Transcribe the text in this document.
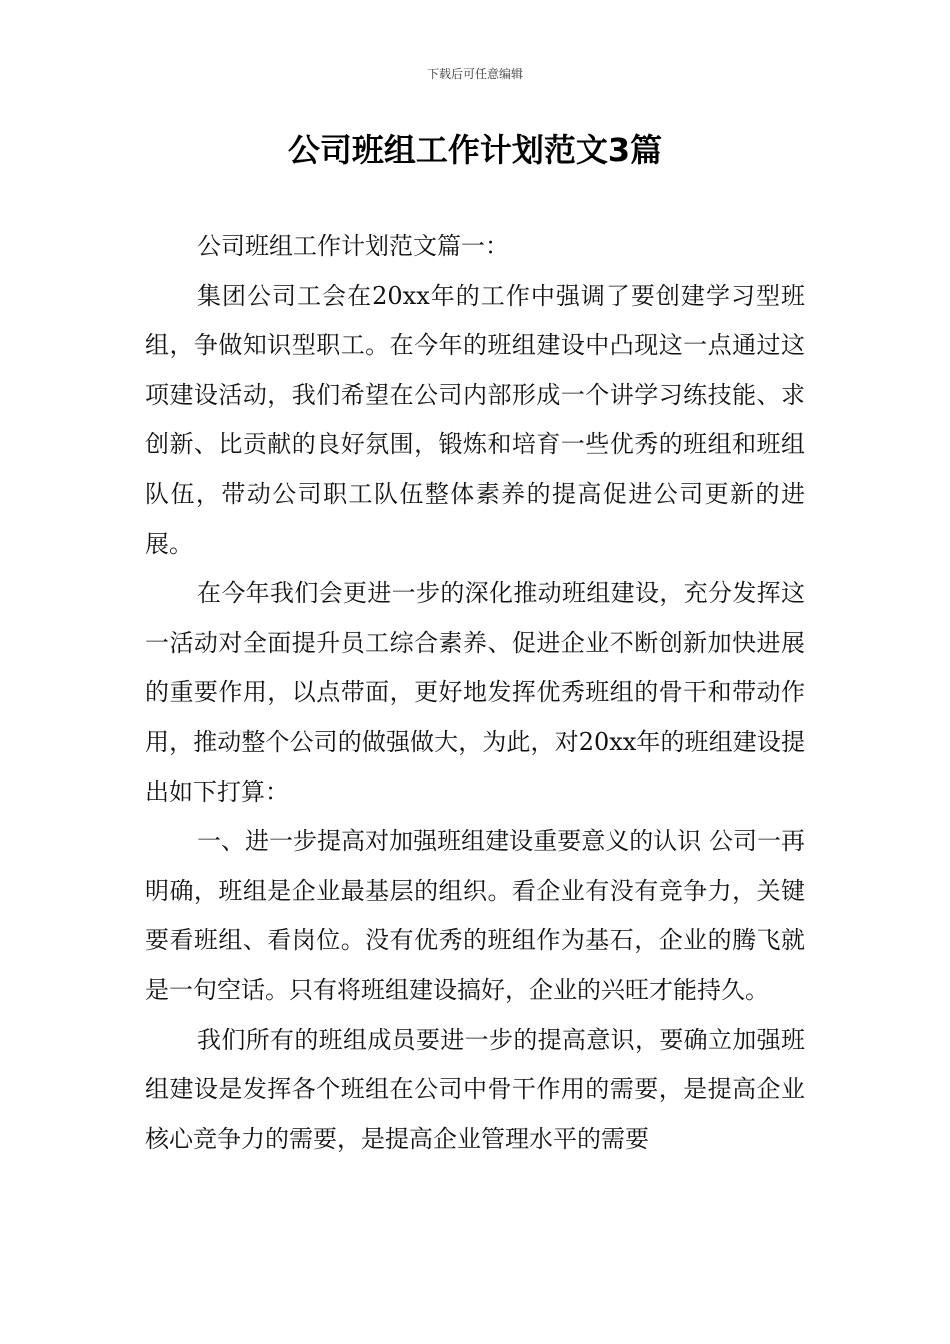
下载后可任意编辑
公司班组工作计划范文3篇

公司班组工作计划范文篇一：

集团公司工会在20xx年的工作中强调了要创建学习型班组，争做知识型职工。在今年的班组建设中凸现这一点通过这项建设活动，我们希望在公司内部形成一个讲学习练技能、求创新、比贡献的良好氛围，锻炼和培育一些优秀的班组和班组队伍，带动公司职工队伍整体素养的提高促进公司更新的进展。

在今年我们会更进一步的深化推动班组建设，充分发挥这一活动对全面提升员工综合素养、促进企业不断创新加快进展的重要作用，以点带面，更好地发挥优秀班组的骨干和带动作用，推动整个公司的做强做大，为此，对20xx年的班组建设提出如下打算：

一、进一步提高对加强班组建设重要意义的认识 公司一再明确，班组是企业最基层的组织。看企业有没有竞争力，关键要看班组、看岗位。没有优秀的班组作为基石，企业的腾飞就是一句空话。只有将班组建设搞好，企业的兴旺才能持久。

我们所有的班组成员要进一步的提高意识，要确立加强班组建设是发挥各个班组在公司中骨干作用的需要，是提高企业核心竞争力的需要，是提高企业管理水平的需要
